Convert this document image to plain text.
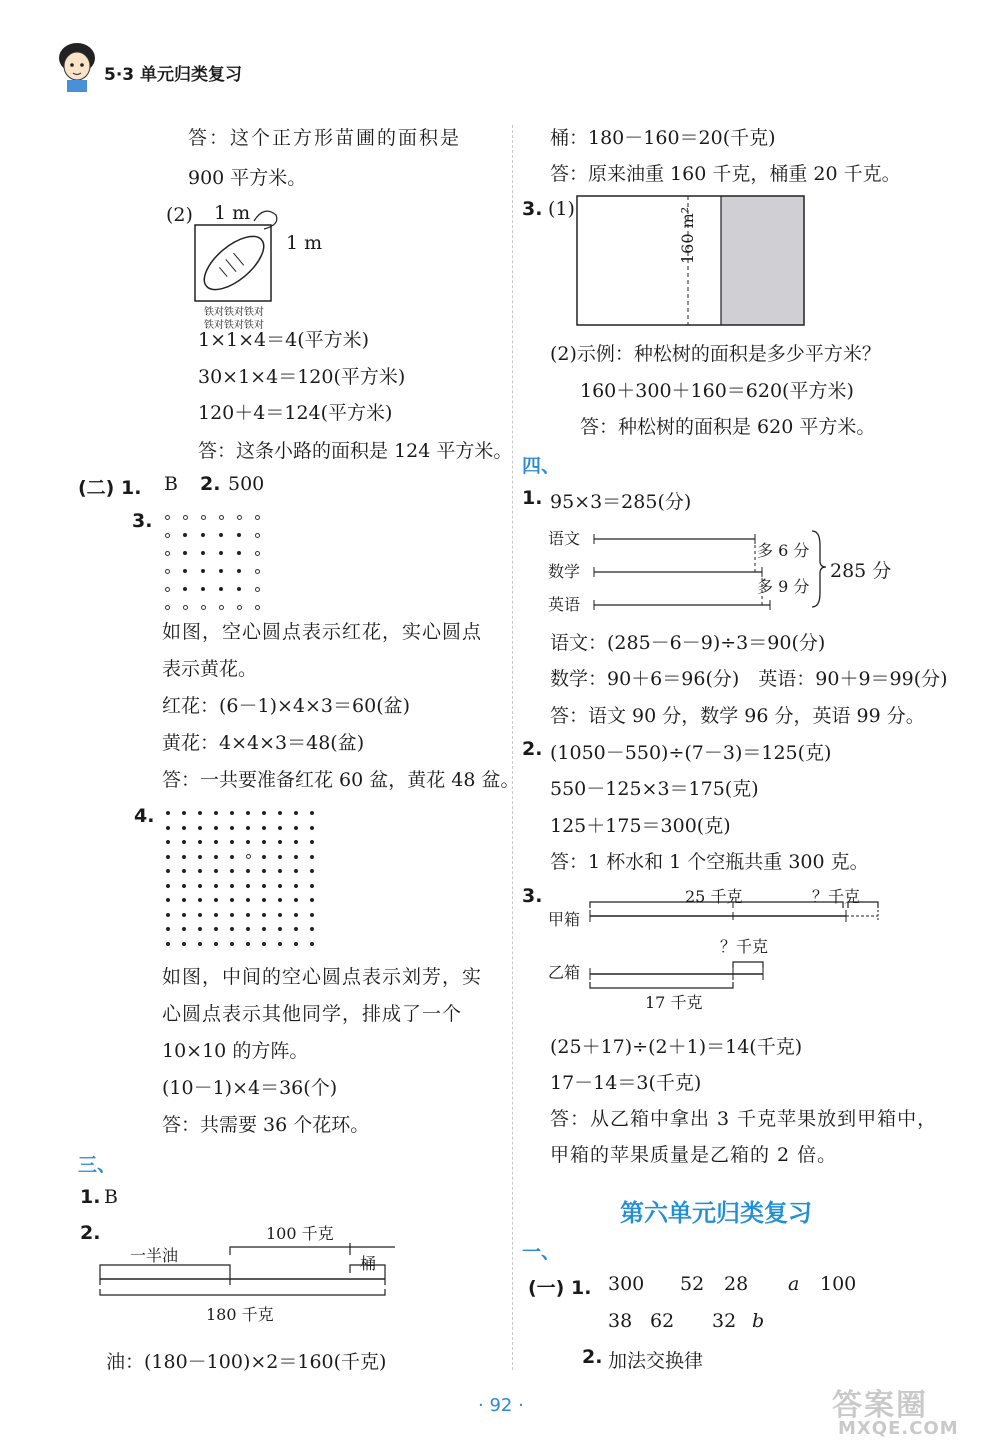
5·3 单元归类复习
答：这个正方形苗圃的面积是
900 平方米。
(2) 1 m
1 m
铁对铁对铁对
铁对铁对铁对
1×1×4＝4(平方米)
30×1×4＝120(平方米)
120＋4＝124(平方米)
答：这条小路的面积是 124 平方米。
(二) 1. B 2. 500
3.
如图，空心圆点表示红花，实心圆点
表示黄花。
红花：(6－1)×4×3＝60(盆)
黄花：4×4×3＝48(盆)
答：一共要准备红花 60 盆，黄花 48 盆。
4.
如图，中间的空心圆点表示刘芳，实
心圆点表示其他同学，排成了一个
10×10 的方阵。
(10－1)×4＝36(个)
答：共需要 36 个花环。
三、
1. B
2.	100 千克
一半油	桶
180 千克
油：(180－100)×2＝160(千克)
桶：180－160＝20(千克)
答：原来油重 160 千克，桶重 20 千克。
3. (1)	160 m²
(2)示例：种松树的面积是多少平方米？
160＋300＋160＝620(平方米)
答：种松树的面积是 620 平方米。
四、
1. 95×3＝285(分)
语文
数学
英语
多 6 分
多 9 分
285 分
语文：(285－6－9)÷3＝90(分)
数学：90＋6＝96(分)　英语：90＋9＝99(分)
答：语文 90 分，数学 96 分，英语 99 分。
2. (1050－550)÷(7－3)＝125(克)
550－125×3＝175(克)
125＋175＝300(克)
答：1 杯水和 1 个空瓶共重 300 克。
3.	25 千克	？千克
甲箱
？千克
乙箱
17 千克
(25＋17)÷(2＋1)＝14(千克)
17－14＝3(千克)
答：从乙箱中拿出 3 千克苹果放到甲箱中，
甲箱的苹果质量是乙箱的 2 倍。
第六单元归类复习
一、
(一) 1. 300 52 28 a 100
38 62 32 b
2. 加法交换律
· 92 ·	答案圈
MXQE.COM
